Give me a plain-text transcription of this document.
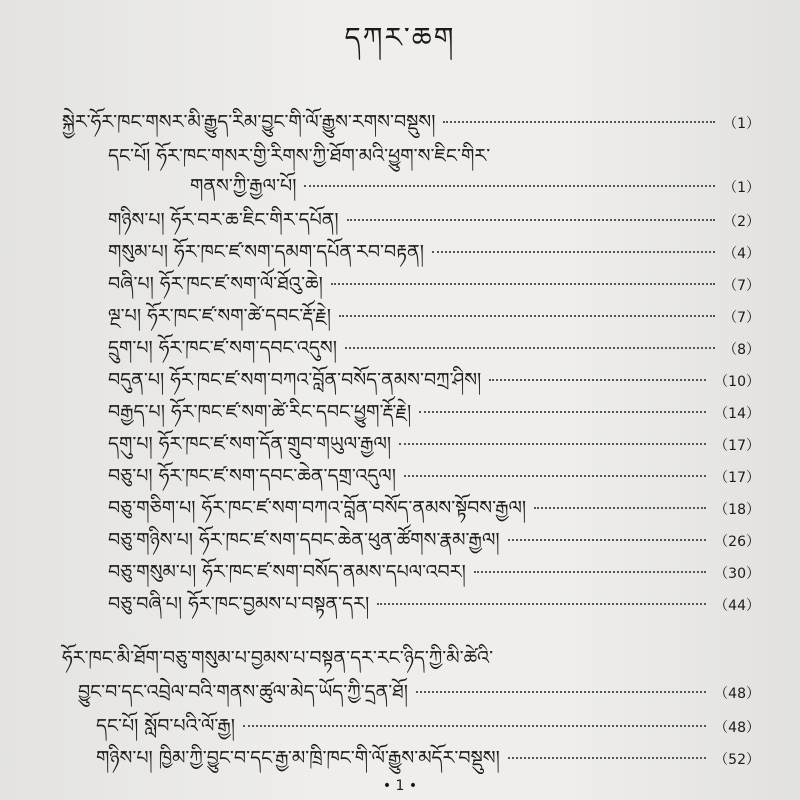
དཀར་ཆག
སྐྱེར་ཧོར་ཁང་གསར་མི་རྒྱུད་རིམ་བྱུང་གི་ལོ་རྒྱུས་རགས་བསྡུས།	（1）
དང་པོ། ཧོར་ཁང་གསར་གྱི་རིགས་ཀྱི་ཐོག་མའི་ཕྱུག་ས་ཇིང་གིར་
གནས་ཀྱི་རྒྱལ་པོ།	（1）
གཉིས་པ། ཧོར་བར་ཆ་ཇིང་གིར་དཔོན།	（2）
གསུམ་པ། ཧོར་ཁང་ཛ་སག་དམག་དཔོན་རབ་བརྟན།	（4）
བཞི་པ། ཧོར་ཁང་ཛ་སག་ལོ་ཐོའུ་ཆེ།	（7）
ལྔ་པ། ཧོར་ཁང་ཛ་སག་ཚེ་དབང་རྡོ་རྗེ།	（7）
དྲུག་པ། ཧོར་ཁང་ཛ་སག་དབང་འདུས།	（8）
བདུན་པ། ཧོར་ཁང་ཛ་སག་བཀའ་བློན་བསོད་ནམས་བཀྲ་ཤིས།	（10）
བརྒྱད་པ། ཧོར་ཁང་ཛ་སག་ཚེ་རིང་དབང་ཕྱུག་རྡོ་རྗེ།	（14）
དགུ་པ། ཧོར་ཁང་ཛ་སག་དོན་གྲུབ་གཡུལ་རྒྱལ།	（17）
བཅུ་པ། ཧོར་ཁང་ཛ་སག་དབང་ཆེན་དགྲ་འདུལ།	（17）
བཅུ་གཅིག་པ། ཧོར་ཁང་ཛ་སག་བཀའ་བློན་བསོད་ནམས་སྟོབས་རྒྱལ།	（18）
བཅུ་གཉིས་པ། ཧོར་ཁང་ཛ་སག་དབང་ཆེན་ཕུན་ཚོགས་རྣམ་རྒྱལ།	（26）
བཅུ་གསུམ་པ། ཧོར་ཁང་ཛ་སག་བསོད་ནམས་དཔལ་འབར།	（30）
བཅུ་བཞི་པ། ཧོར་ཁང་བྱམས་པ་བསྟན་དར།	（44）
ཧོར་ཁང་མི་ཐོག་བཅུ་གསུམ་པ་བྱམས་པ་བསྟན་དར་རང་ཉིད་ཀྱི་མི་ཚེའི་
བྱུང་བ་དང་འབྲེལ་བའི་གནས་ཚུལ་མེད་ཡོད་ཀྱི་དྲན་ཐོ།	（48）
དང་པོ། སློབ་པའི་ལོ་རྒྱ།	（48）
གཉིས་པ། ཁྱིམ་ཀྱི་བྱུང་བ་དང་རྒྱ་མ་ཁྲི་ཁང་གི་ལོ་རྒྱུས་མདོར་བསྡུས།	（52）
• 1 •
